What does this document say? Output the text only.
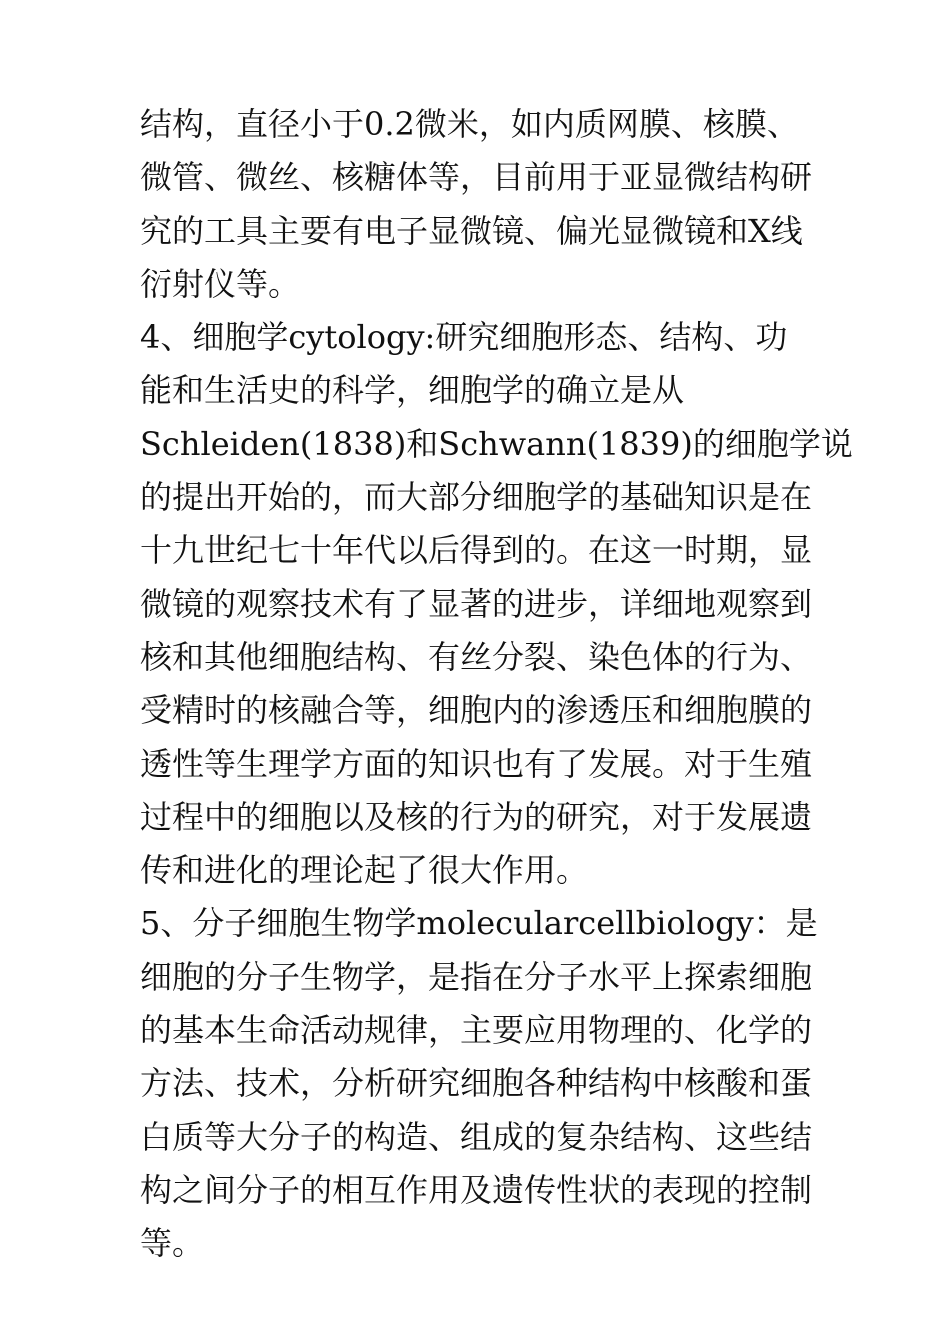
结构，直径小于0.2微米，如内质网膜、核膜、
微管、微丝、核糖体等，目前用于亚显微结构研
究的工具主要有电子显微镜、偏光显微镜和X线
衍射仪等。
4、细胞学cytology:研究细胞形态、结构、功
能和生活史的科学，细胞学的确立是从
Schleiden(1838)和Schwann(1839)的细胞学说
的提出开始的，而大部分细胞学的基础知识是在
十九世纪七十年代以后得到的。在这一时期，显
微镜的观察技术有了显著的进步，详细地观察到
核和其他细胞结构、有丝分裂、染色体的行为、
受精时的核融合等，细胞内的渗透压和细胞膜的
透性等生理学方面的知识也有了发展。对于生殖
过程中的细胞以及核的行为的研究，对于发展遗
传和进化的理论起了很大作用。
5、分子细胞生物学molecularcellbiology：是
细胞的分子生物学，是指在分子水平上探索细胞
的基本生命活动规律，主要应用物理的、化学的
方法、技术，分析研究细胞各种结构中核酸和蛋
白质等大分子的构造、组成的复杂结构、这些结
构之间分子的相互作用及遗传性状的表现的控制
等。
